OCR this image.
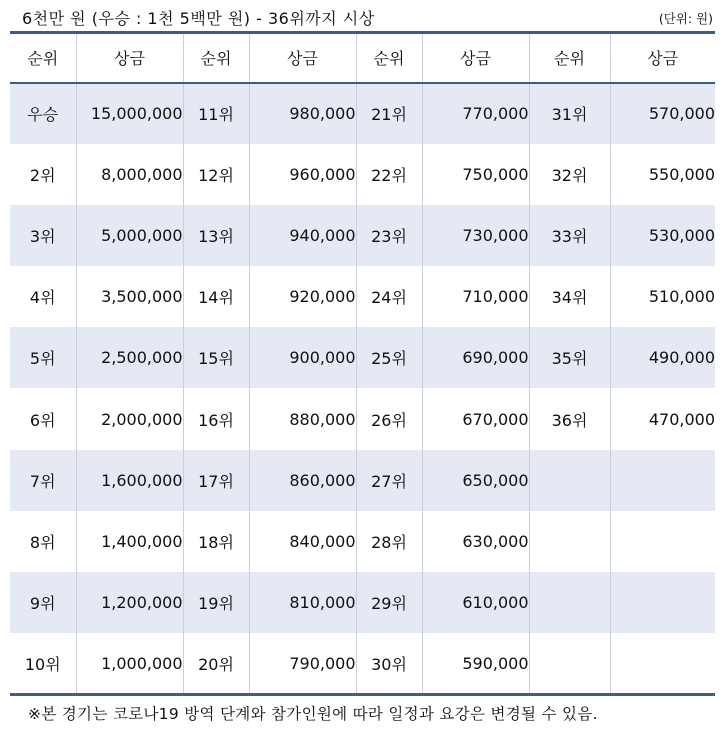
6천만 원 (우승 : 1천 5백만 원) - 36위까지 시상	(단위: 원)
순위	상금	순위	상금	순위	상금	순위	상금
우승	15,000,000	11위	980,000	21위	770,000	31위	570,000
2위	8,000,000	12위	960,000	22위	750,000	32위	550,000
3위	5,000,000	13위	940,000	23위	730,000	33위	530,000
4위	3,500,000	14위	920,000	24위	710,000	34위	510,000
5위	2,500,000	15위	900,000	25위	690,000	35위	490,000
6위	2,000,000	16위	880,000	26위	670,000	36위	470,000
7위	1,600,000	17위	860,000	27위	650,000		
8위	1,400,000	18위	840,000	28위	630,000		
9위	1,200,000	19위	810,000	29위	610,000		
10위	1,000,000	20위	790,000	30위	590,000		
※본 경기는 코로나19 방역 단계와 참가인원에 따라 일정과 요강은 변경될 수 있음.
